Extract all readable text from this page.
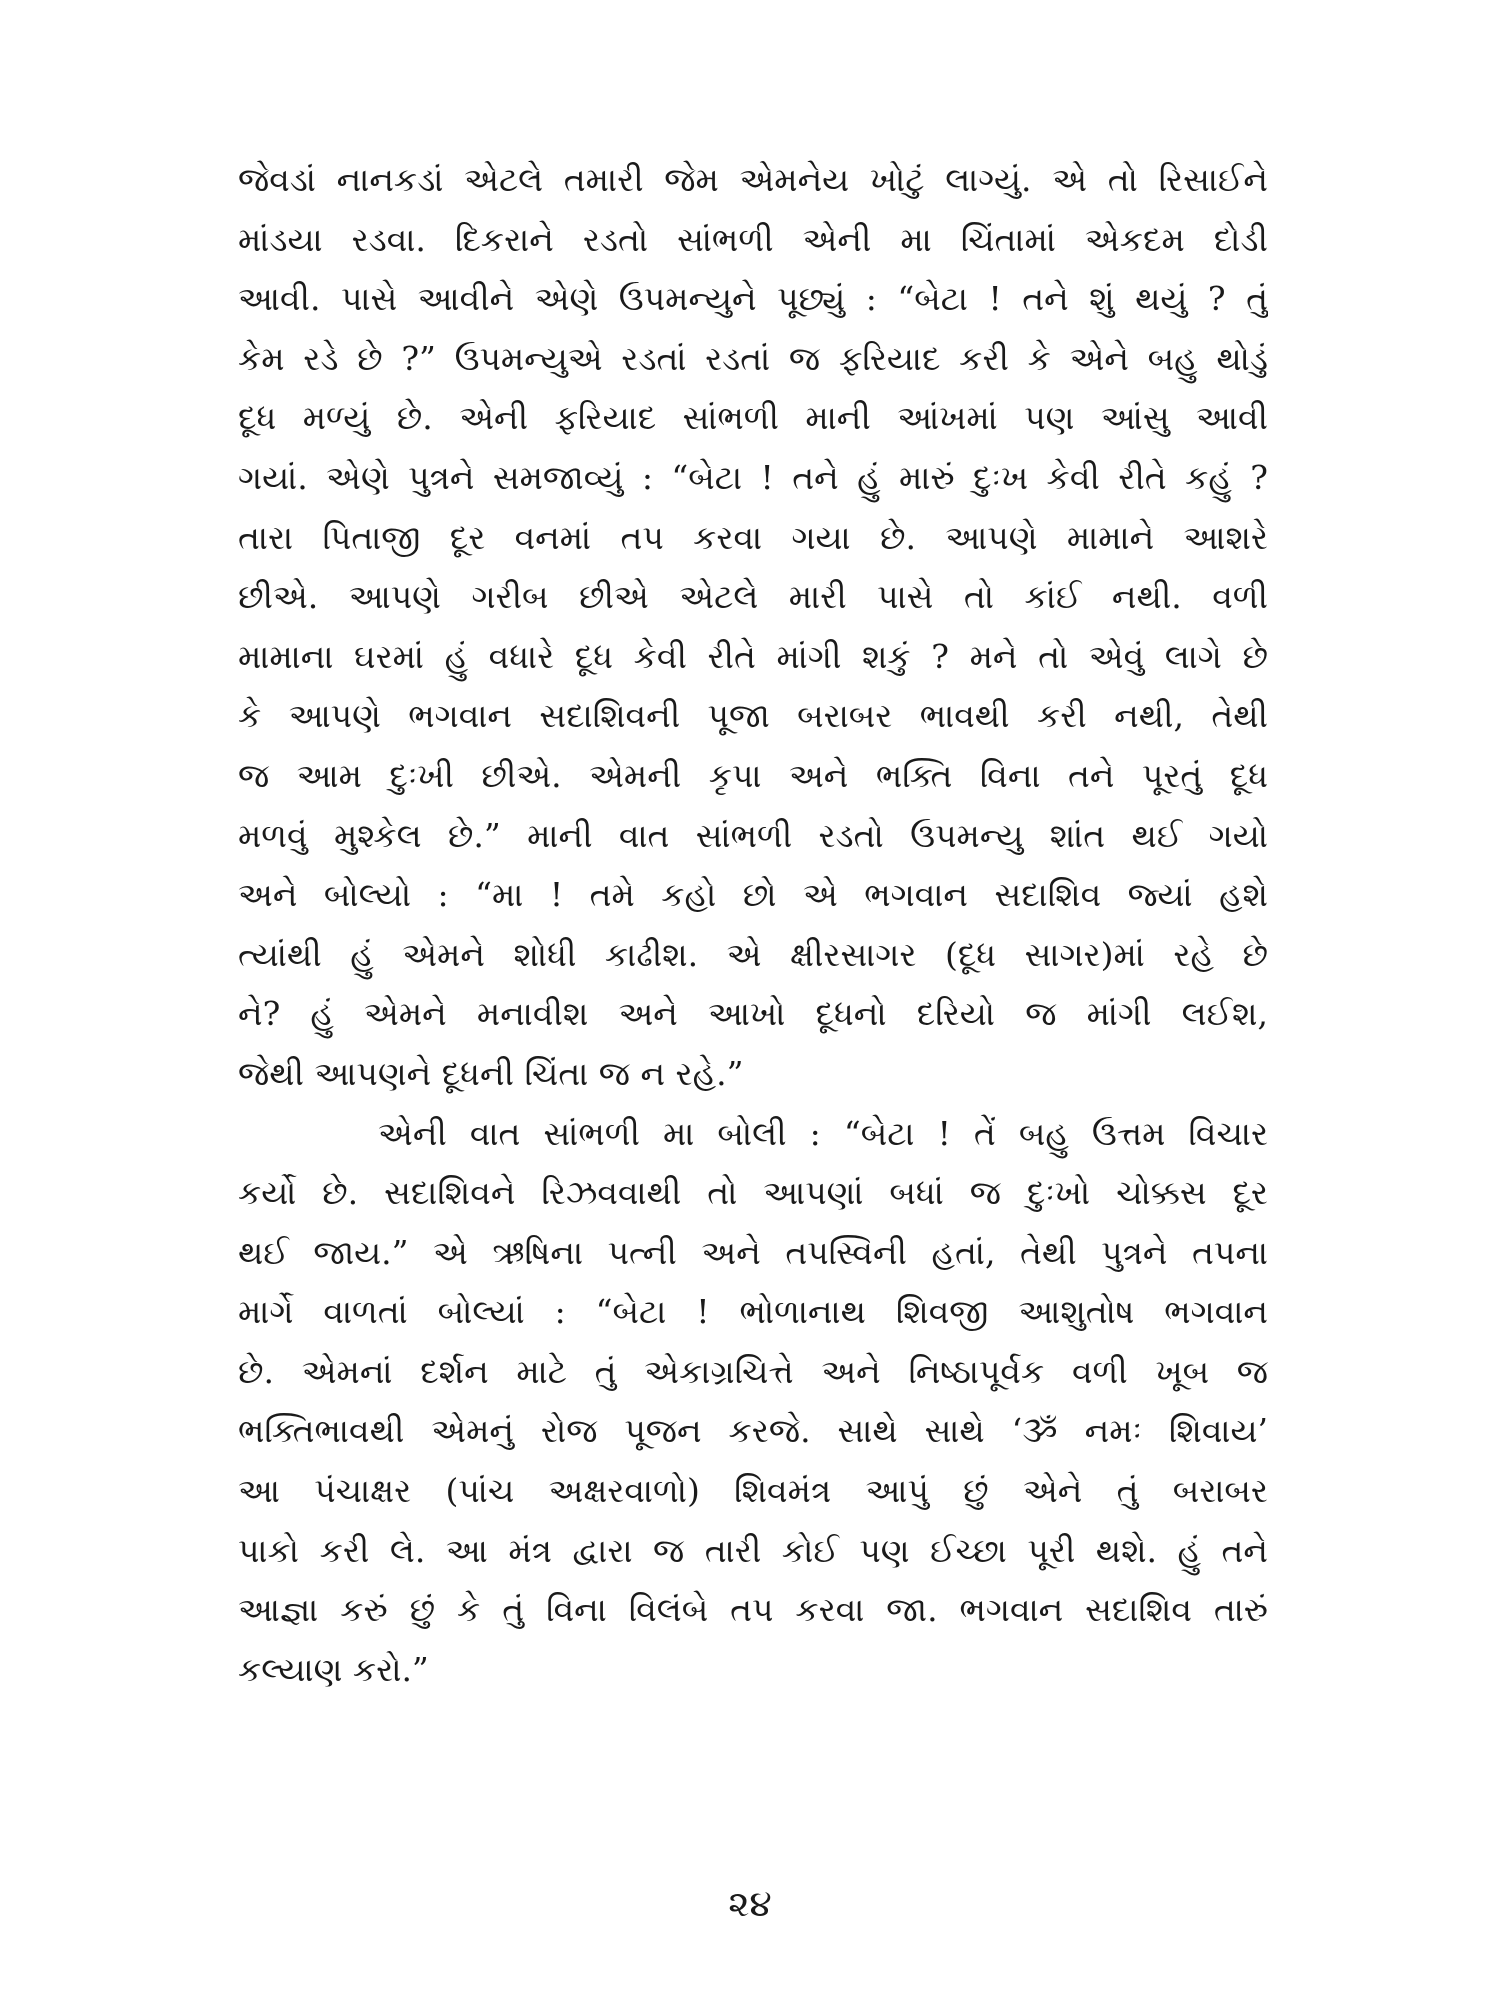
જેવડાં નાનકડાં એટલે તમારી જેમ એમનેય ખોટું લાગ્યું. એ તો રિસાઈને
માંડયા રડવા. દિકરાને રડતો સાંભળી એની મા ચિંતામાં એકદમ દોડી
આવી. પાસે આવીને એણે ઉપમન્યુને પૂછ્યું : “બેટા ! તને શું થયું ? તું
કેમ રડે છે ?” ઉપમન્યુએ રડતાં રડતાં જ ફરિયાદ કરી કે એને બહુ થોડું
દૂધ મળ્યું છે. એની ફરિયાદ સાંભળી માની આંખમાં પણ આંસુ આવી
ગયાં. એણે પુત્રને સમજાવ્યું : “બેટા ! તને હું મારું દુઃખ કેવી રીતે કહું ?
તારા પિતાજી દૂર વનમાં તપ કરવા ગયા છે. આપણે મામાને આશરે
છીએ. આપણે ગરીબ છીએ એટલે મારી પાસે તો કાંઈ નથી. વળી
મામાના ઘરમાં હું વધારે દૂધ કેવી રીતે માંગી શકું ? મને તો એવું લાગે છે
કે આપણે ભગવાન સદાશિવની પૂજા બરાબર ભાવથી કરી નથી, તેથી
જ આમ દુઃખી છીએ. એમની કૃપા અને ભક્તિ વિના તને પૂરતું દૂધ
મળવું મુશ્કેલ છે.” માની વાત સાંભળી રડતો ઉપમન્યુ શાંત થઈ ગયો
અને બોલ્યો : “મા ! તમે કહો છો એ ભગવાન સદાશિવ જ્યાં હશે
ત્યાંથી હું એમને શોધી કાઢીશ. એ ક્ષીરસાગર (દૂધ સાગર)માં રહે છે
ને? હું એમને મનાવીશ અને આખો દૂધનો દરિયો જ માંગી લઈશ,
જેથી આપણને દૂધની ચિંતા જ ન રહે.”
એની વાત સાંભળી મા બોલી : “બેટા ! તેં બહુ ઉત્તમ વિચાર
કર્યો છે. સદાશિવને રિઝવવાથી તો આપણાં બધાં જ દુઃખો ચોક્કસ દૂર
થઈ જાય.” એ ઋષિના પત્ની અને તપસ્વિની હતાં, તેથી પુત્રને તપના
માર્ગે વાળતાં બોલ્યાં : “બેટા ! ભોળાનાથ શિવજી આશુતોષ ભગવાન
છે. એમનાં દર્શન માટે તું એકાગ્રચિત્તે અને નિષ્ઠાપૂર્વક વળી ખૂબ જ
ભક્તિભાવથી એમનું રોજ પૂજન કરજે. સાથે સાથે ‘ૐ નમઃ શિવાય’
આ પંચાક્ષર (પાંચ અક્ષરવાળો) શિવમંત્ર આપું છું એને તું બરાબર
પાકો કરી લે. આ મંત્ર દ્વારા જ તારી કોઈ પણ ઈચ્છા પૂરી થશે. હું તને
આજ્ઞા કરું છું કે તું વિના વિલંબે તપ કરવા જા. ભગવાન સદાશિવ તારું
કલ્યાણ કરો.”
૨૪
